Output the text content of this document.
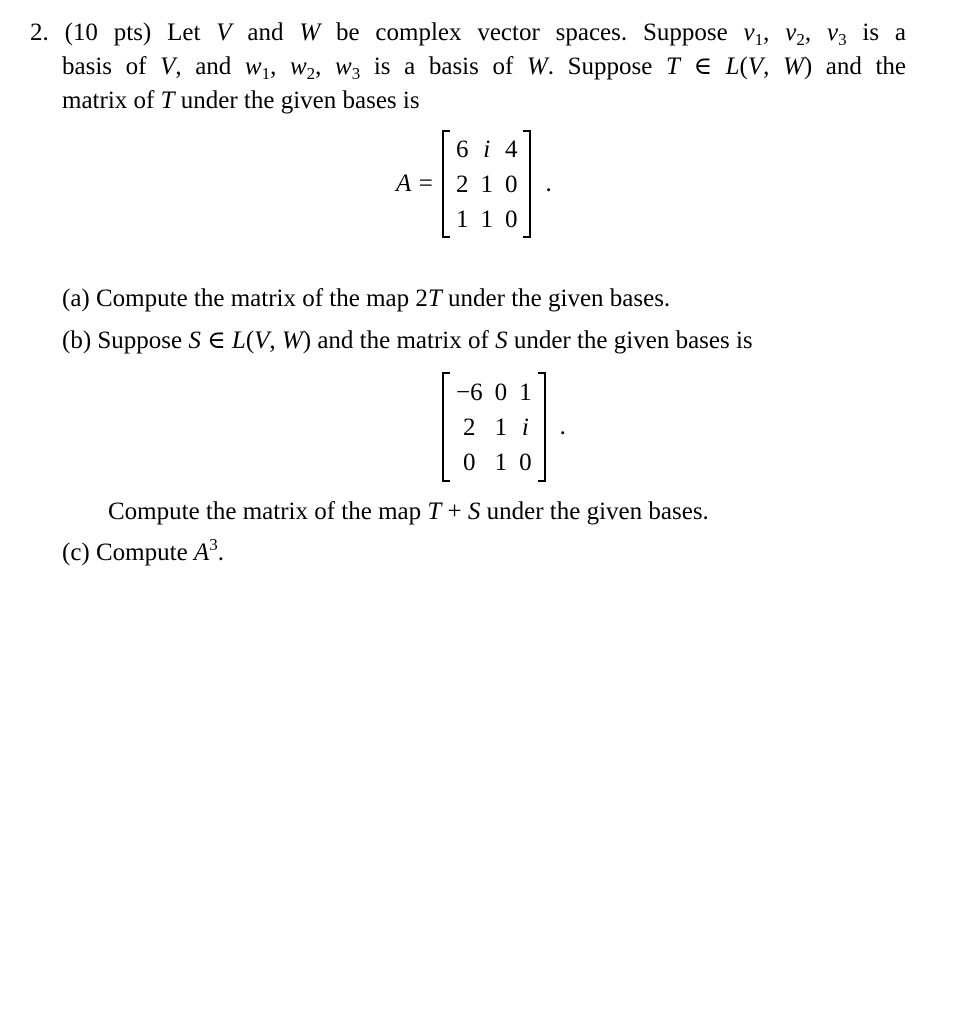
2. (10 pts) Let V and W be complex vector spaces. Suppose $v_1$, $v_2$, $v_3$ is a
basis of V, and $w_1$, $w_2$, $w_3$ is a basis of W. Suppose T ∈ L(V, W) and the
matrix of T under the given bases is
A =
6	i	4
2	1	0
1	1	0
.
(a) Compute the matrix of the map 2T under the given bases.
(b) Suppose S ∈ L(V, W) and the matrix of S under the given bases is
−6	0	1
2	1	i
0	1	0
.
Compute the matrix of the map T + S under the given bases.
(c) Compute $A^3$.
